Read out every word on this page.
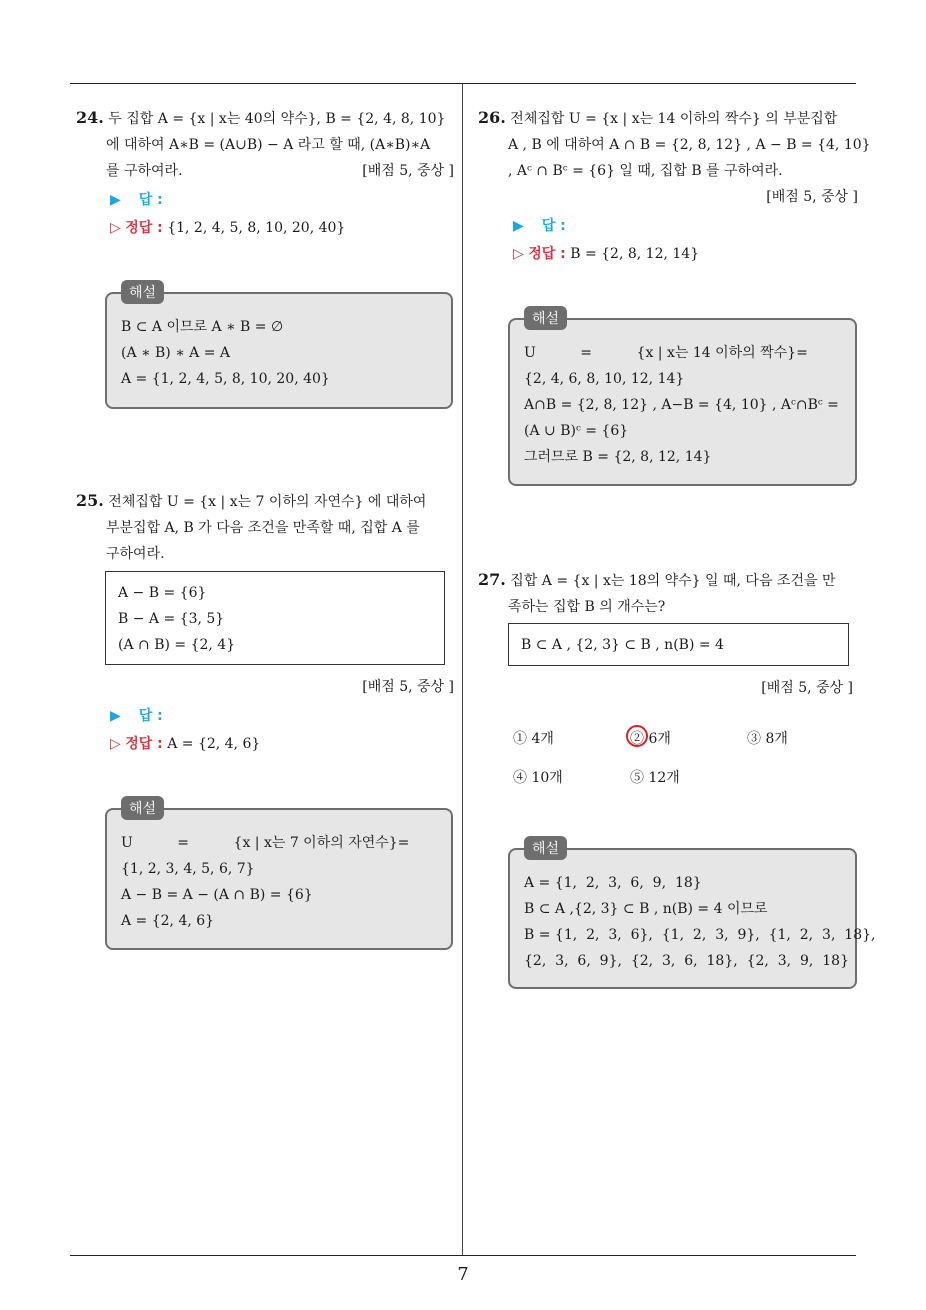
7
24. 두 집합 A = {x | x는 40의 약수}, B = {2, 4, 8, 10}
에 대하여 A∗B = (A∪B) − A 라고 할 때, (A∗B)∗A
를 구하여라.	[배점 5, 중상 ]
▶ 답 :
▷ 정답 : {1, 2, 4, 5, 8, 10, 20, 40}
해설
B ⊂ A 이므로 A ∗ B = ∅
(A ∗ B) ∗ A = A
A = {1, 2, 4, 5, 8, 10, 20, 40}
25. 전체집합 U = {x | x는 7 이하의 자연수} 에 대하여
부분집합 A, B 가 다음 조건을 만족할 때, 집합 A 를
구하여라.
A − B = {6}
B − A = {3, 5}
(A ∩ B) = {2, 4}
[배점 5, 중상 ]
▶ 답 :
▷ 정답 : A = {2, 4, 6}
해설
U          =          {x | x는 7 이하의 자연수}=
{1, 2, 3, 4, 5, 6, 7}
A − B = A − (A ∩ B) = {6}
A = {2, 4, 6}
26. 전체집합 U = {x | x는 14 이하의 짝수} 의 부분집합
A , B 에 대하여 A ∩ B = {2, 8, 12} , A − B = {4, 10}
, Aᶜ ∩ Bᶜ = {6} 일 때, 집합 B 를 구하여라.
[배점 5, 중상 ]
▶ 답 :
▷ 정답 : B = {2, 8, 12, 14}
해설
U          =          {x | x는 14 이하의 짝수}=
{2, 4, 6, 8, 10, 12, 14}
A∩B = {2, 8, 12} , A−B = {4, 10} , Aᶜ∩Bᶜ =
(A ∪ B)ᶜ = {6}
그러므로 B = {2, 8, 12, 14}
27. 집합 A = {x | x는 18의 약수} 일 때, 다음 조건을 만
족하는 집합 B 의 개수는?
B ⊂ A , {2, 3} ⊂ B , n(B) = 4
[배점 5, 중상 ]
① 4개	② 6개	③ 8개
④ 10개	⑤ 12개
해설
A = {1,  2,  3,  6,  9,  18}
B ⊂ A ,{2, 3} ⊂ B , n(B) = 4 이므로
B = {1,  2,  3,  6},  {1,  2,  3,  9},  {1,  2,  3,  18},
{2,  3,  6,  9},  {2,  3,  6,  18},  {2,  3,  9,  18}
